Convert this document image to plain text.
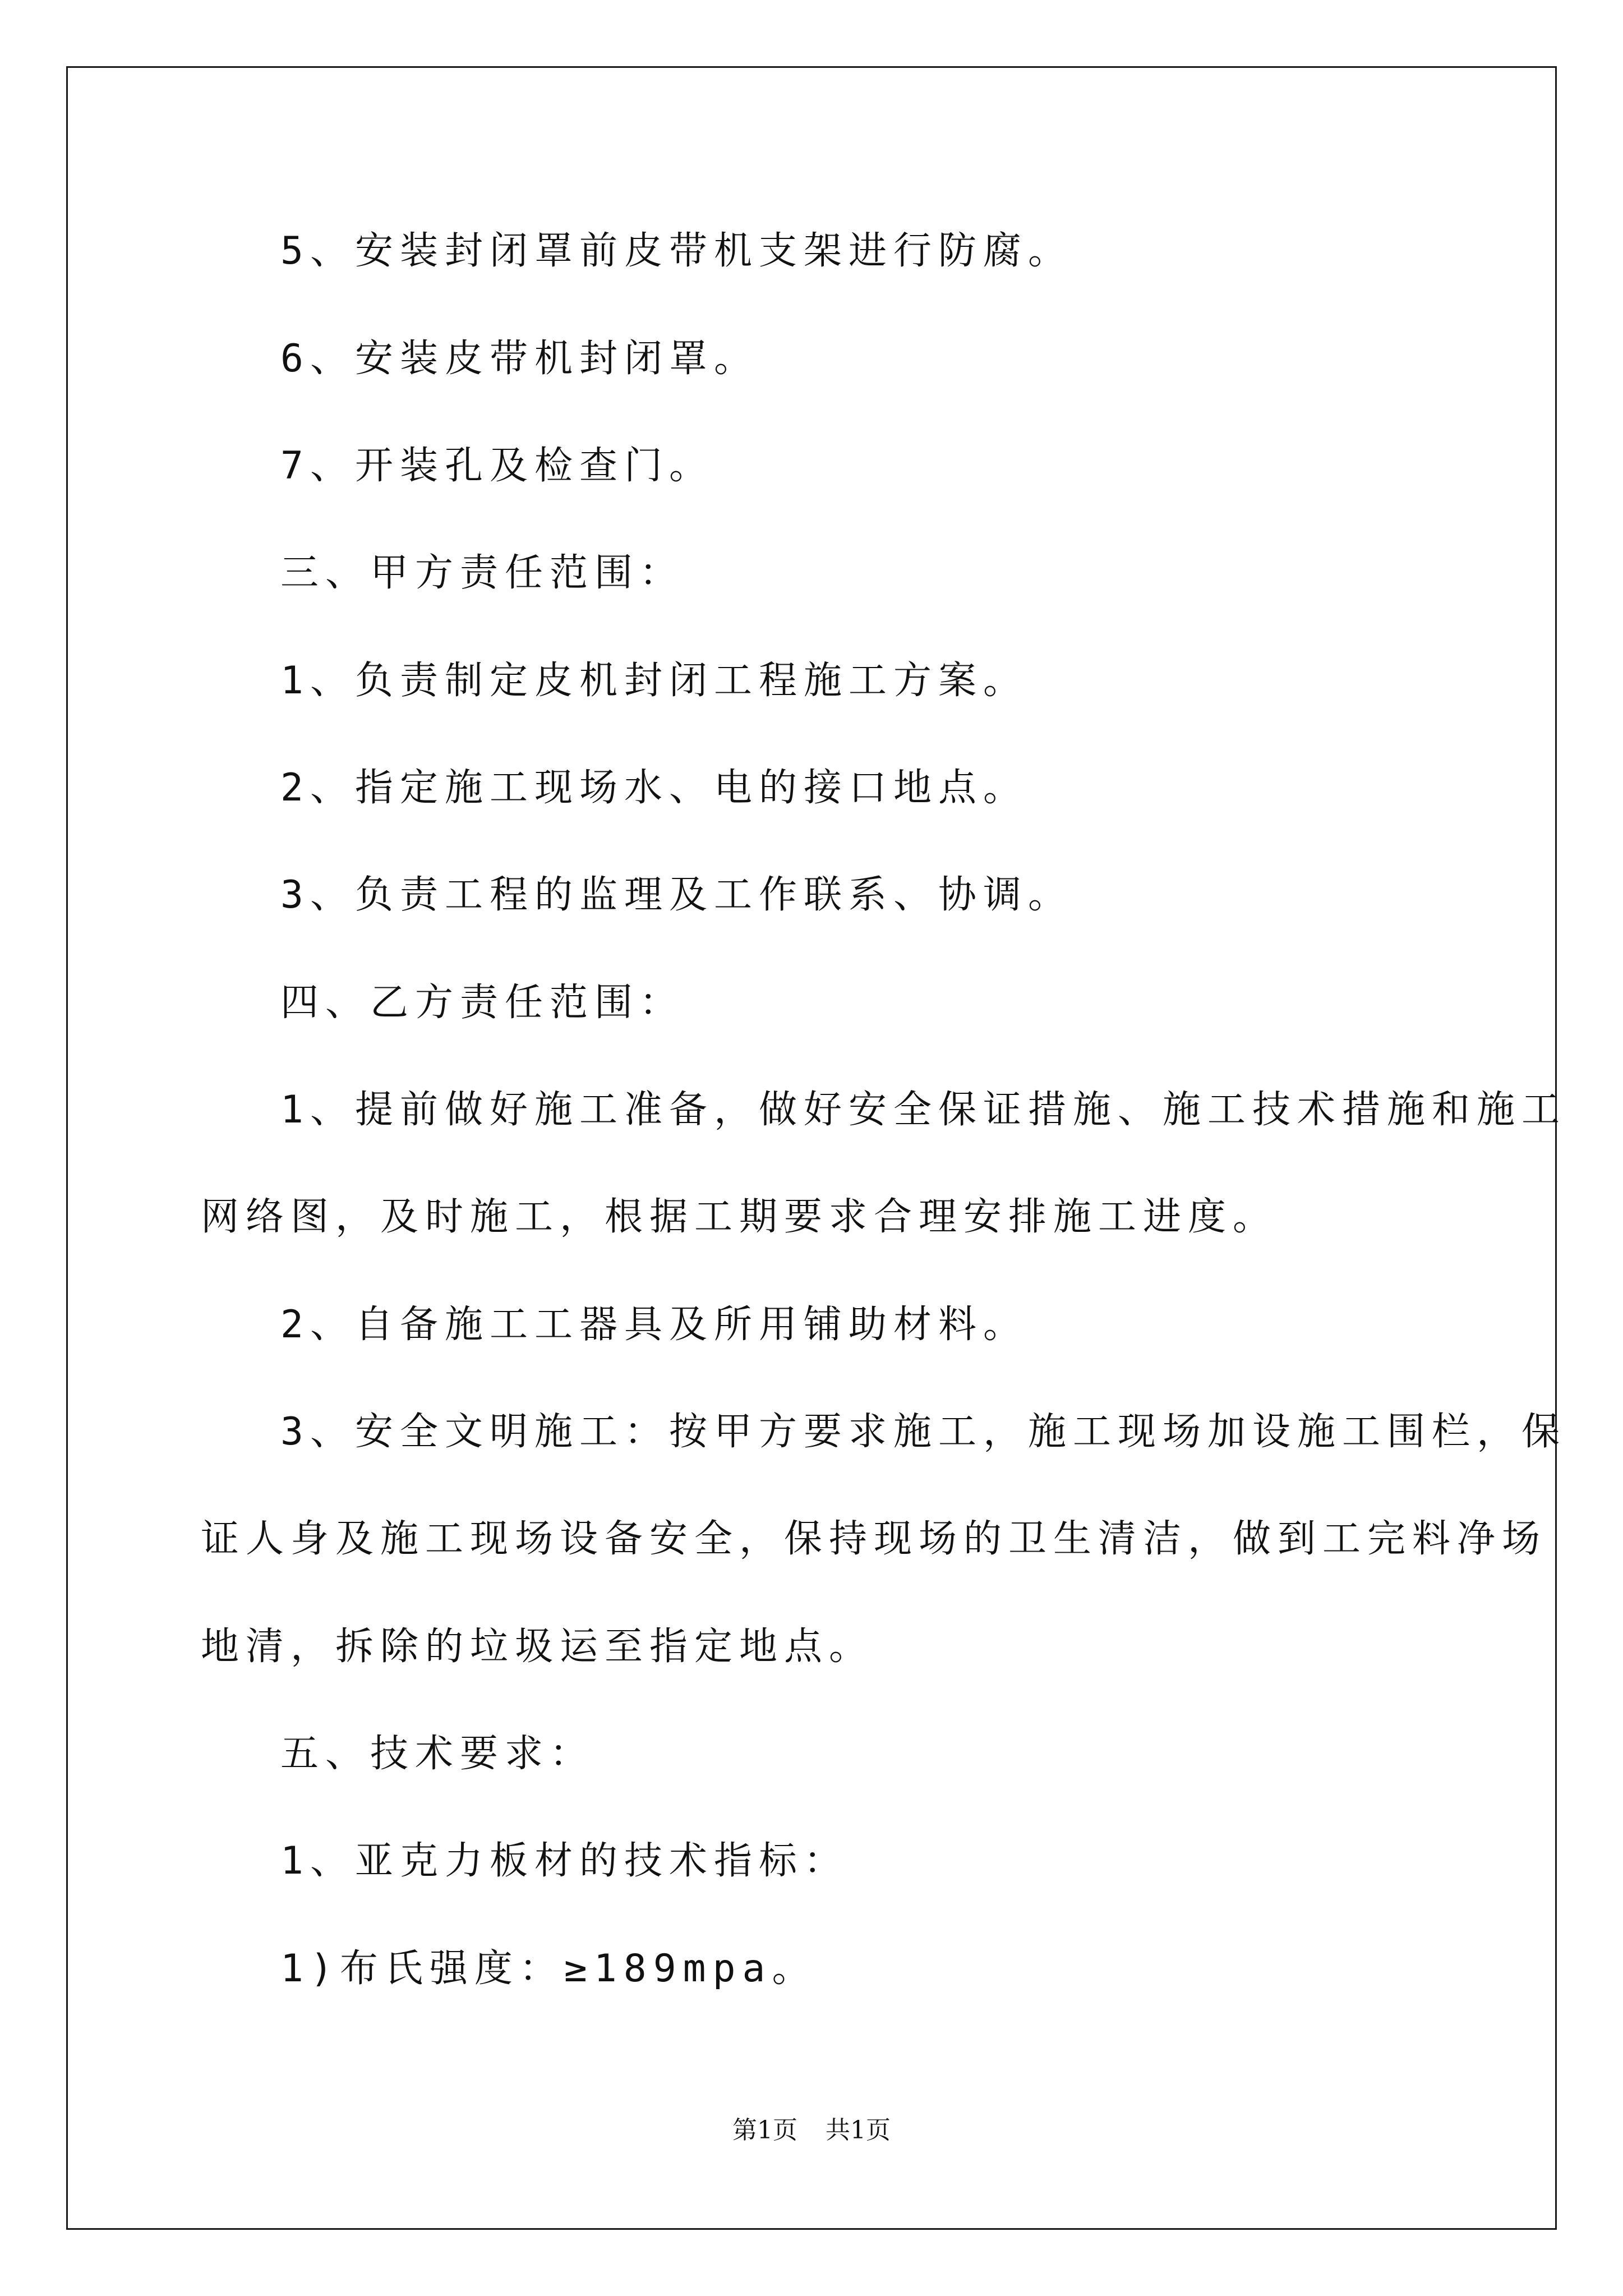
5、安装封闭罩前皮带机支架进行防腐。
6、安装皮带机封闭罩。
7、开装孔及检查门。
三、甲方责任范围：
1、负责制定皮机封闭工程施工方案。
2、指定施工现场水、电的接口地点。
3、负责工程的监理及工作联系、协调。
四、乙方责任范围：
1、提前做好施工准备，做好安全保证措施、施工技术措施和施工
网络图，及时施工，根据工期要求合理安排施工进度。
2、自备施工工器具及所用铺助材料。
3、安全文明施工：按甲方要求施工，施工现场加设施工围栏，保
证人身及施工现场设备安全，保持现场的卫生清洁，做到工完料净场
地清，拆除的垃圾运至指定地点。
五、技术要求：
1、亚克力板材的技术指标：
1)布氏强度：≥189mpa。
第1页 共1页
